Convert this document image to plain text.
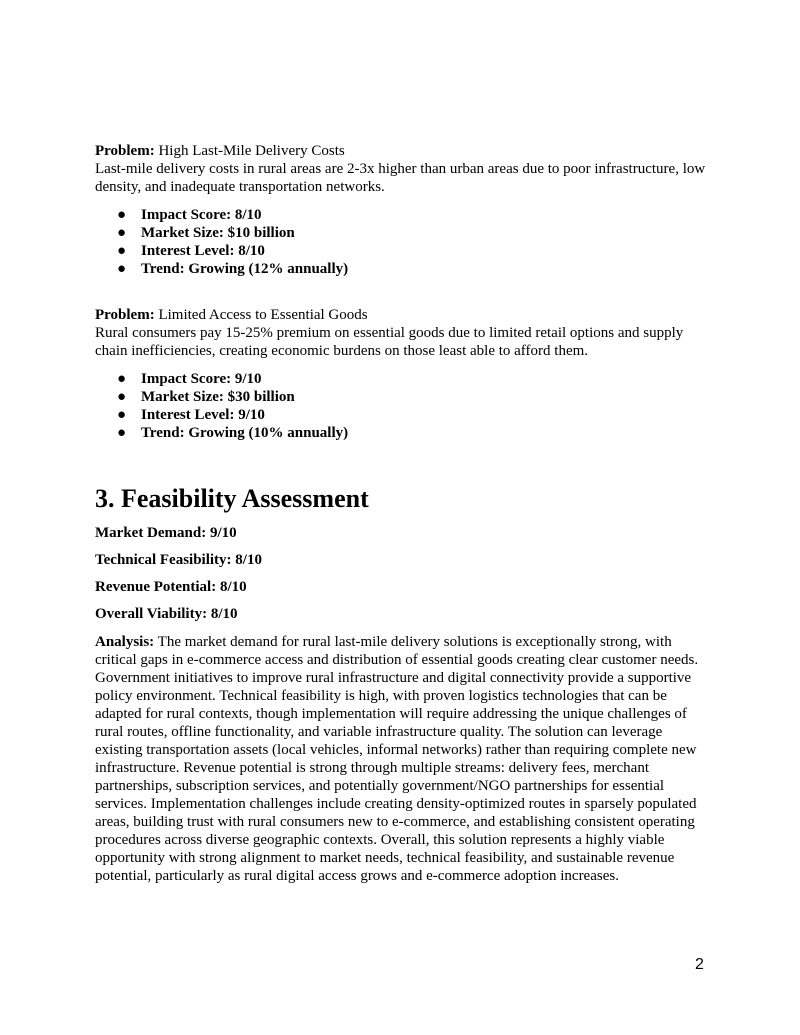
Problem: High Last-Mile Delivery Costs

Last-mile delivery costs in rural areas are 2-3x higher than urban areas due to poor infrastructure, low density, and inadequate transportation networks.

● Impact Score: 8/10
● Market Size: $10 billion
● Interest Level: 8/10
● Trend: Growing (12% annually)

Problem: Limited Access to Essential Goods

Rural consumers pay 15-25% premium on essential goods due to limited retail options and supply chain inefficiencies, creating economic burdens on those least able to afford them.

● Impact Score: 9/10
● Market Size: $30 billion
● Interest Level: 9/10
● Trend: Growing (10% annually)
3. Feasibility Assessment

Market Demand: 9/10

Technical Feasibility: 8/10

Revenue Potential: 8/10

Overall Viability: 8/10

Analysis: The market demand for rural last-mile delivery solutions is exceptionally strong, with critical gaps in e-commerce access and distribution of essential goods creating clear customer needs. Government initiatives to improve rural infrastructure and digital connectivity provide a supportive policy environment. Technical feasibility is high, with proven logistics technologies that can be adapted for rural contexts, though implementation will require addressing the unique challenges of rural routes, offline functionality, and variable infrastructure quality. The solution can leverage existing transportation assets (local vehicles, informal networks) rather than requiring complete new infrastructure. Revenue potential is strong through multiple streams: delivery fees, merchant partnerships, subscription services, and potentially government/NGO partnerships for essential services. Implementation challenges include creating density-optimized routes in sparsely populated areas, building trust with rural consumers new to e-commerce, and establishing consistent operating procedures across diverse geographic contexts. Overall, this solution represents a highly viable opportunity with strong alignment to market needs, technical feasibility, and sustainable revenue potential, particularly as rural digital access grows and e-commerce adoption increases.

2
